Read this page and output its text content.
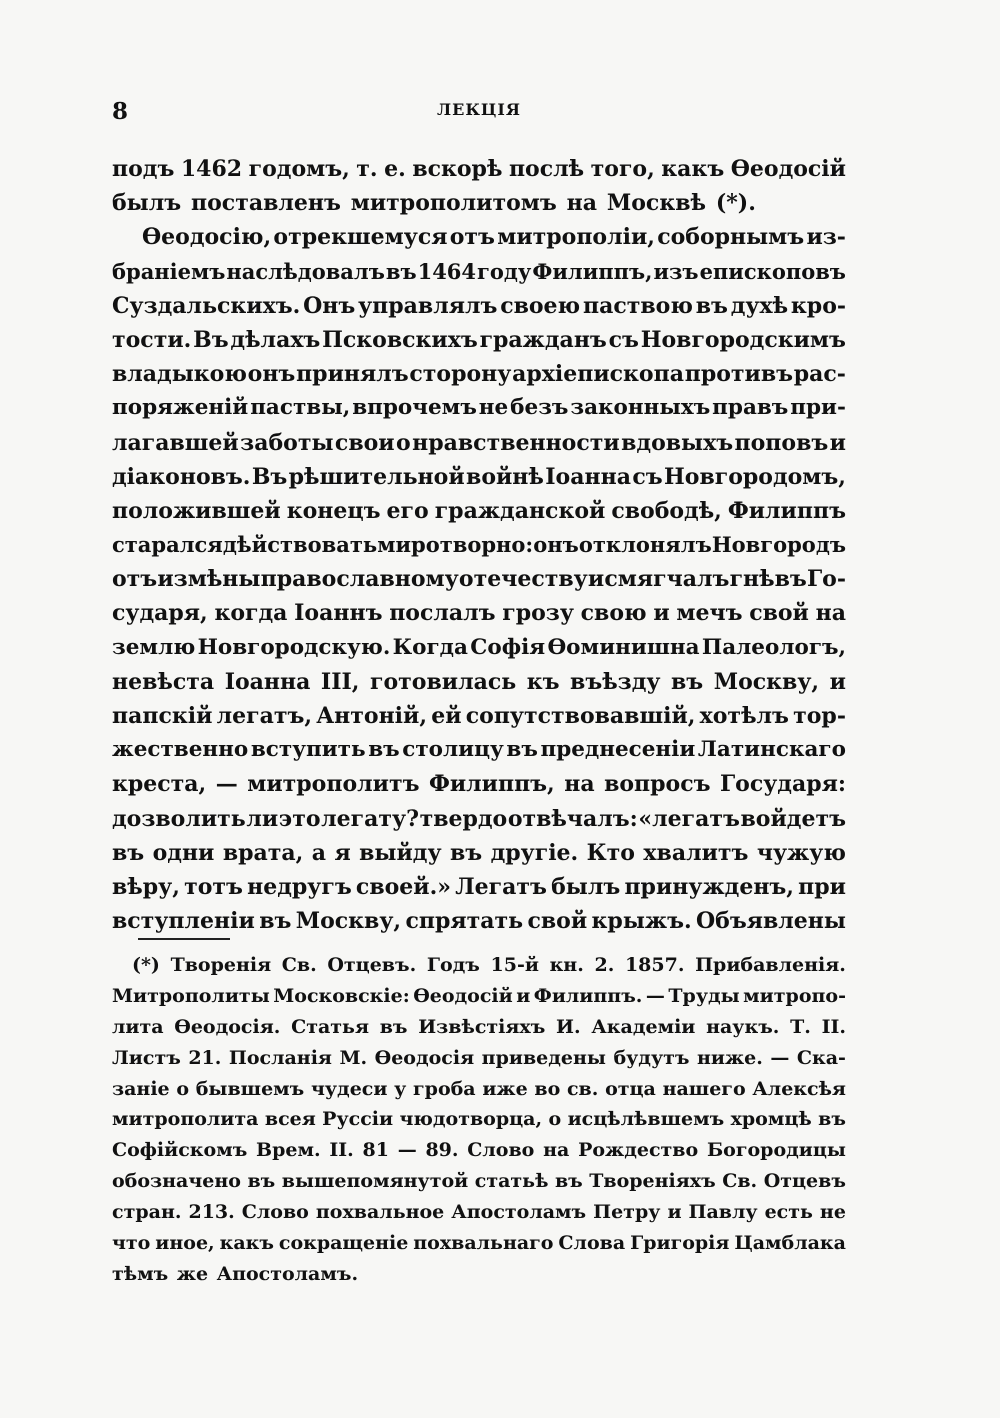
8	ЛЕКЦІЯ
подъ 1462 годомъ, т. е. вскорѣ послѣ того, какъ Ѳеодосій
былъ поставленъ митрополитомъ на Москвѣ (*).
Ѳеодосію, отрекшемуся отъ митрополіи, соборнымъ из-
браніемъ наслѣдовалъ въ 1464 году Филиппъ, изъ епископовъ
Суздальскихъ. Онъ управлялъ своею паствою въ духѣ кро-
тости. Въ дѣлахъ Псковскихъ гражданъ съ Новгородскимъ
владыкою онъ принялъ сторону архіепископа противъ рас-
поряженій паствы, впрочемъ не безъ законныхъ правъ при-
лагавшей заботы свои о нравственности вдовыхъ поповъ и
діаконовъ. Въ рѣшительной войнѣ Іоанна съ Новгородомъ,
положившей конецъ его гражданской свободѣ, Филиппъ
старался дѣйствовать миротворно: онъ отклонялъ Новгородъ
отъ измѣны православному отечеству и смягчалъ гнѣвъ Го-
сударя, когда Іоаннъ послалъ грозу свою и мечъ свой на
землю Новгородскую. Когда Софія Ѳоминишна Палеологъ,
невѣста Іоанна III, готовилась къ въѣзду въ Москву, и
папскій легатъ, Антоній, ей сопутствовавшій, хотѣлъ тор-
жественно вступить въ столицу въ преднесеніи Латинскаго
креста, — митрополитъ Филиппъ, на вопросъ Государя:
дозволить ли это легату? твердо отвѣчалъ: «легатъ войдетъ
въ одни врата, а я выйду въ другіе. Кто хвалитъ чужую
вѣру, тотъ недругъ своей.» Легатъ былъ принужденъ, при
вступленіи въ Москву, спрятать свой крыжъ. Объявлены
(*) Творенія Св. Отцевъ. Годъ 15-й кн. 2. 1857. Прибавленія.
Митрополиты Московскіе: Ѳеодосій и Филиппъ. — Труды митропо-
лита Ѳеодосія. Статья въ Извѣстіяхъ И. Академіи наукъ. Т. II.
Листъ 21. Посланія М. Ѳеодосія приведены будутъ ниже. — Ска-
заніе о бывшемъ чудеси у гроба иже во св. отца нашего Алексѣя
митрополита всея Руссіи чюдотворца, о исцѣлѣвшемъ хромцѣ въ
Софійскомъ Врем. II. 81 — 89. Слово на Рождество Богородицы
обозначено въ вышепомянутой статьѣ въ Твореніяхъ Св. Отцевъ
стран. 213. Слово похвальное Апостоламъ Петру и Павлу есть не
что иное, какъ сокращеніе похвальнаго Слова Григорія Цамблака
тѣмъ же Апостоламъ.
